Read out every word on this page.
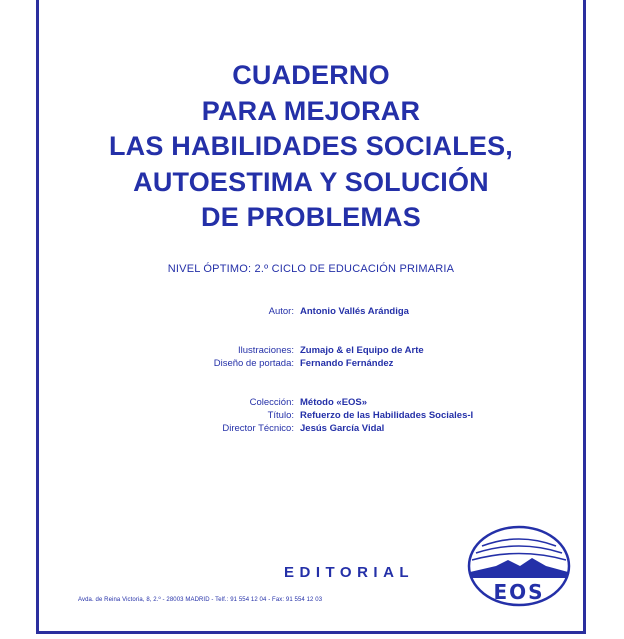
CUADERNO
PARA MEJORAR
LAS HABILIDADES SOCIALES,
AUTOESTIMA Y SOLUCIÓN
DE PROBLEMAS
NIVEL ÓPTIMO: 2.º CICLO DE EDUCACIÓN PRIMARIA
Autor: Antonio Vallés Arándiga
Ilustraciones: Zumajo & el Equipo de Arte
Diseño de portada: Fernando Fernández
Colección: Método «EOS»
Título: Refuerzo de las Habilidades Sociales-I
Director Técnico: Jesús García Vidal
EDITORIAL
Avda. de Reina Victoria, 8, 2.º - 28003 MADRID - Telf.: 91 554 12 04 - Fax: 91 554 12 03	EOS
